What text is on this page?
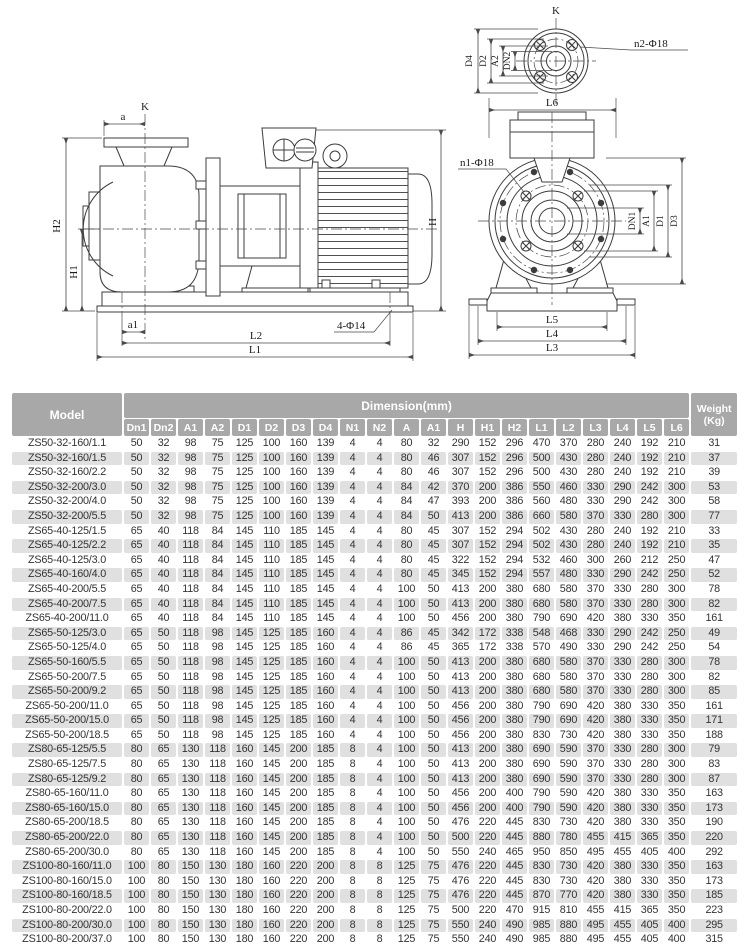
K
a
H2
H1
H
a1
L2
L1
4-Φ14
K
D4 D2 A2 DN2
n2-Φ18
L6
n1-Φ18
DN1 A1 D1 D3
L5
L4
L3
Model	Dimension(mm)																					Weight
(Kg)
	Dn1	Dn2	A1	A2	D1	D2	D3	D4	N1	N2	A	A1	H	H1	H2	L1	L2	L3	L4	L5	L6	
ZS50-32-160/1.1	50	32	98	75	125	100	160	139	4	4	80	32	290	152	296	470	370	280	240	192	210	31
ZS50-32-160/1.5	50	32	98	75	125	100	160	139	4	4	80	46	307	152	296	500	430	280	240	192	210	37
ZS50-32-160/2.2	50	32	98	75	125	100	160	139	4	4	80	46	307	152	296	500	430	280	240	192	210	39
ZS50-32-200/3.0	50	32	98	75	125	100	160	139	4	4	84	42	370	200	386	550	460	330	290	242	300	53
ZS50-32-200/4.0	50	32	98	75	125	100	160	139	4	4	84	47	393	200	386	560	480	330	290	242	300	58
ZS50-32-200/5.5	50	32	98	75	125	100	160	139	4	4	84	50	413	200	386	660	580	370	330	280	300	77
ZS65-40-125/1.5	65	40	118	84	145	110	185	145	4	4	80	45	307	152	294	502	430	280	240	192	210	33
ZS65-40-125/2.2	65	40	118	84	145	110	185	145	4	4	80	45	307	152	294	502	430	280	240	192	210	35
ZS65-40-125/3.0	65	40	118	84	145	110	185	145	4	4	80	45	322	152	294	532	460	300	260	212	250	47
ZS65-40-160/4.0	65	40	118	84	145	110	185	145	4	4	80	45	345	152	294	557	480	330	290	242	250	52
ZS65-40-200/5.5	65	40	118	84	145	110	185	145	4	4	100	50	413	200	380	680	580	370	330	280	300	78
ZS65-40-200/7.5	65	40	118	84	145	110	185	145	4	4	100	50	413	200	380	680	580	370	330	280	300	82
ZS65-40-200/11.0	65	40	118	84	145	110	185	145	4	4	100	50	456	200	380	790	690	420	380	330	350	161
ZS65-50-125/3.0	65	50	118	98	145	125	185	160	4	4	86	45	342	172	338	548	468	330	290	242	250	49
ZS65-50-125/4.0	65	50	118	98	145	125	185	160	4	4	86	45	365	172	338	570	490	330	290	242	250	54
ZS65-50-160/5.5	65	50	118	98	145	125	185	160	4	4	100	50	413	200	380	680	580	370	330	280	300	78
ZS65-50-200/7.5	65	50	118	98	145	125	185	160	4	4	100	50	413	200	380	680	580	370	330	280	300	82
ZS65-50-200/9.2	65	50	118	98	145	125	185	160	4	4	100	50	413	200	380	680	580	370	330	280	300	85
ZS65-50-200/11.0	65	50	118	98	145	125	185	160	4	4	100	50	456	200	380	790	690	420	380	330	350	161
ZS65-50-200/15.0	65	50	118	98	145	125	185	160	4	4	100	50	456	200	380	790	690	420	380	330	350	171
ZS65-50-200/18.5	65	50	118	98	145	125	185	160	4	4	100	50	456	200	380	830	730	420	380	330	350	188
ZS80-65-125/5.5	80	65	130	118	160	145	200	185	8	4	100	50	413	200	380	690	590	370	330	280	300	79
ZS80-65-125/7.5	80	65	130	118	160	145	200	185	8	4	100	50	413	200	380	690	590	370	330	280	300	83
ZS80-65-125/9.2	80	65	130	118	160	145	200	185	8	4	100	50	413	200	380	690	590	370	330	280	300	87
ZS80-65-160/11.0	80	65	130	118	160	145	200	185	8	4	100	50	456	200	400	790	590	420	380	330	350	163
ZS80-65-160/15.0	80	65	130	118	160	145	200	185	8	4	100	50	456	200	400	790	590	420	380	330	350	173
ZS80-65-200/18.5	80	65	130	118	160	145	200	185	8	4	100	50	476	220	445	830	730	420	380	330	350	190
ZS80-65-200/22.0	80	65	130	118	160	145	200	185	8	4	100	50	500	220	445	880	780	455	415	365	350	220
ZS80-65-200/30.0	80	65	130	118	160	145	200	185	8	4	100	50	550	240	465	950	850	495	455	405	400	292
ZS100-80-160/11.0	100	80	150	130	180	160	220	200	8	8	125	75	476	220	445	830	730	420	380	330	350	163
ZS100-80-160/15.0	100	80	150	130	180	160	220	200	8	8	125	75	476	220	445	830	730	420	380	330	350	173
ZS100-80-160/18.5	100	80	150	130	180	160	220	200	8	8	125	75	476	220	445	870	770	420	380	330	350	185
ZS100-80-200/22.0	100	80	150	130	180	160	220	200	8	8	125	75	500	220	470	915	810	455	415	365	350	223
ZS100-80-200/30.0	100	80	150	130	180	160	220	200	8	8	125	75	550	240	490	985	880	495	455	405	400	295
ZS100-80-200/37.0	100	80	150	130	180	160	220	200	8	8	125	75	550	240	490	985	880	495	455	405	400	315
